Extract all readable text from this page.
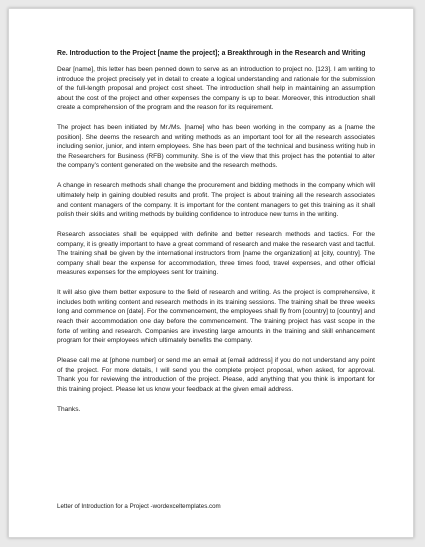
Re. Introduction to the Project [name the project]; a Breakthrough in the Research and Writing

Dear [name], this letter has been penned down to serve as an introduction to project no. [123]. I am writing to introduce the project precisely yet in detail to create a logical understanding and rationale for the submission of the full-length proposal and project cost sheet. The introduction shall help in maintaining an assumption about the cost of the project and other expenses the company is up to bear. Moreover, this introduction shall create a comprehension of the program and the reason for its requirement.

The project has been initiated by Mr./Ms. [name] who has been working in the company as a [name the position]. She deems the research and writing methods as an important tool for all the research associates including senior, junior, and intern employees. She has been part of the technical and business writing hub in the Researchers for Business (RFB) community. She is of the view that this project has the potential to alter the company’s content generated on the website and the research methods.

A change in research methods shall change the procurement and bidding methods in the company which will ultimately help in gaining doubled results and profit. The project is about training all the research associates and content managers of the company. It is important for the content managers to get this training as it shall polish their skills and writing methods by building confidence to introduce new turns in the writing.

Research associates shall be equipped with definite and better research methods and tactics. For the company, it is greatly important to have a great command of research and make the research vast and tactful. The training shall be given by the international instructors from [name the organization] at [city, country]. The company shall bear the expense for accommodation, three times food, travel expenses, and other official measures expenses for the employees sent for training.

It will also give them better exposure to the field of research and writing. As the project is comprehensive, it includes both writing content and research methods in its training sessions. The training shall be three weeks long and commence on [date]. For the commencement, the employees shall fly from [country] to [country] and reach their accommodation one day before the commencement. The training project has vast scope in the forte of writing and research. Companies are investing large amounts in the training and skill enhancement program for their employees which ultimately benefits the company.

Please call me at [phone number] or send me an email at [email address] if you do not understand any point of the project. For more details, I will send you the complete project proposal, when asked, for approval. Thank you for reviewing the introduction of the project. Please, add anything that you think is important for this training project. Please let us know your feedback at the given email address.

Thanks.

Letter of Introduction for a Project -wordexceltemplates.com
